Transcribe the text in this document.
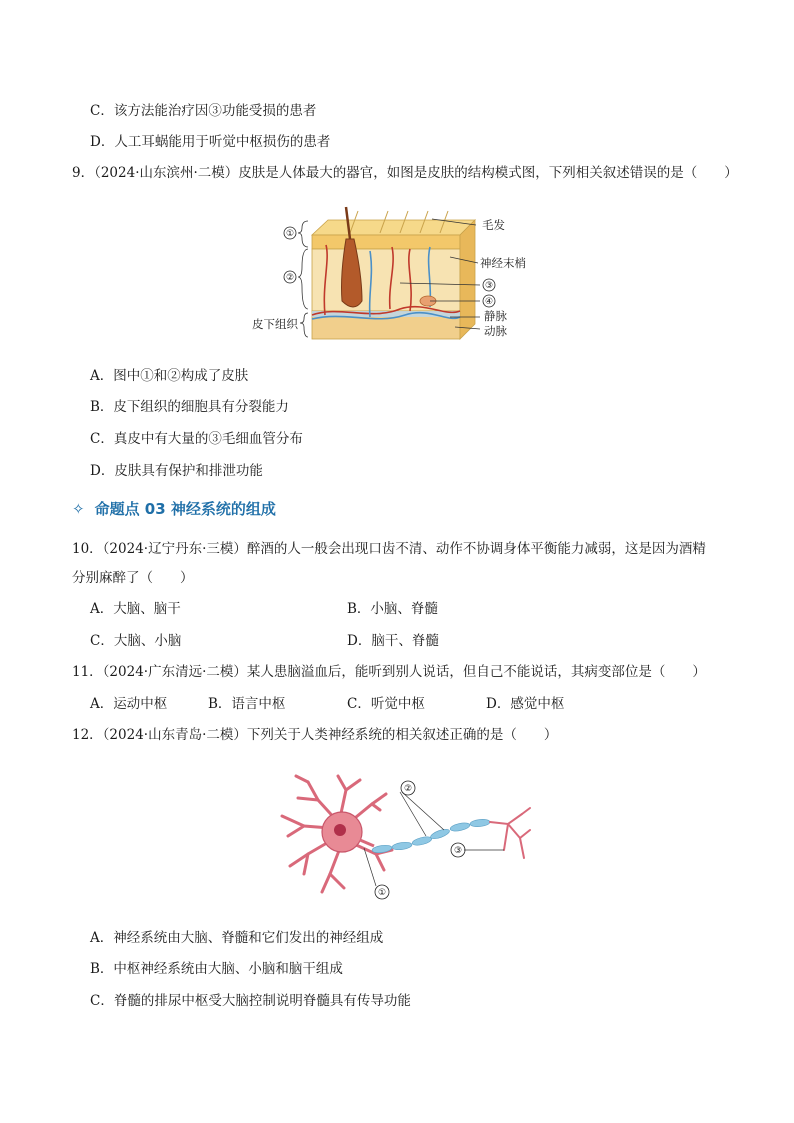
C．该方法能治疗因③功能受损的患者
D．人工耳蜗能用于听觉中枢损伤的患者
9．（2024·山东滨州·二模）皮肤是人体最大的器官，如图是皮肤的结构模式图，下列相关叙述错误的是（　　）
①
②
皮下组织
毛发
神经末梢
③
④
静脉
动脉
A．图中①和②构成了皮肤
B．皮下组织的细胞具有分裂能力
C．真皮中有大量的③毛细血管分布
D．皮肤具有保护和排泄功能
✧ 命题点 03 神经系统的组成
10．（2024·辽宁丹东·三模）醉酒的人一般会出现口齿不清、动作不协调身体平衡能力减弱，这是因为酒精
分别麻醉了（　　）
A．大脑、脑干	B．小脑、脊髓
C．大脑、小脑	D．脑干、脊髓
11．（2024·广东清远·二模）某人患脑溢血后，能听到别人说话，但自己不能说话，其病变部位是（　　）
A．运动中枢	B．语言中枢	C．听觉中枢	D．感觉中枢
12．（2024·山东青岛·二模）下列关于人类神经系统的相关叙述正确的是（　　）
①
②
③
A．神经系统由大脑、脊髓和它们发出的神经组成
B．中枢神经系统由大脑、小脑和脑干组成
C．脊髓的排尿中枢受大脑控制说明脊髓具有传导功能
